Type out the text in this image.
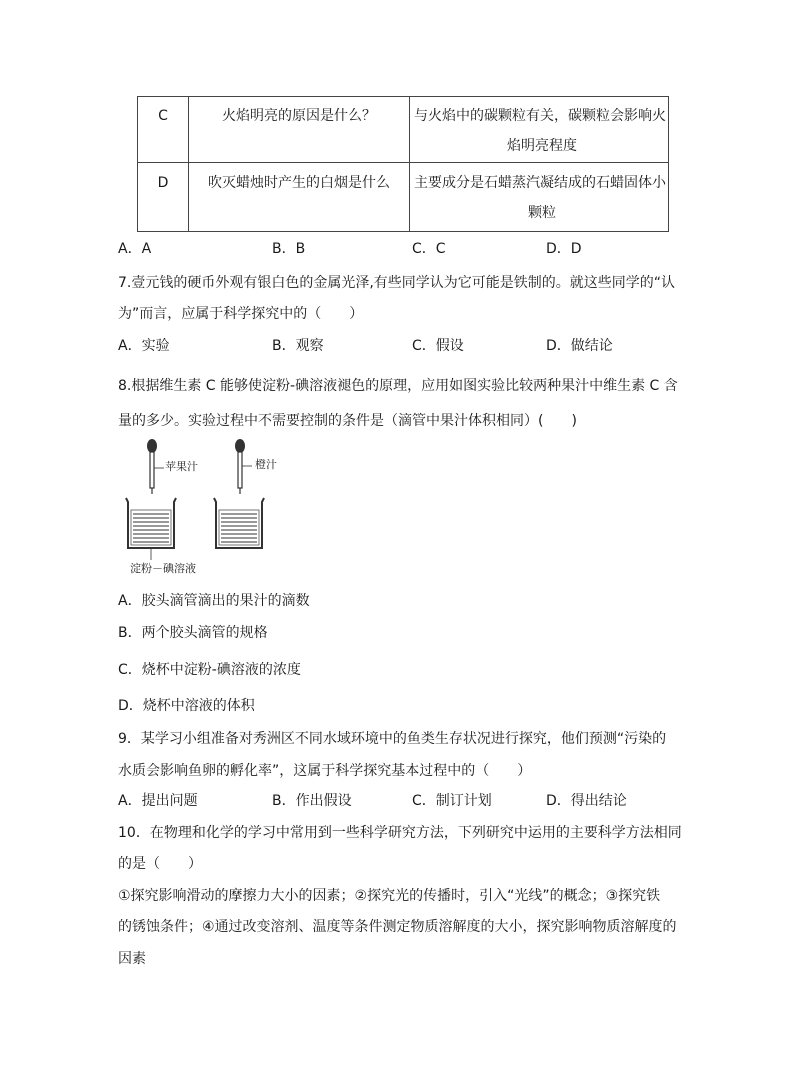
C	火焰明亮的原因是什么？	与火焰中的碳颗粒有关，碳颗粒会影响火
焰明亮程度
D	吹灭蜡烛时产生的白烟是什么	主要成分是石蜡蒸汽凝结成的石蜡固体小
颗粒
A．A	B．B	C．C	D．D
7.壹元钱的硬币外观有银白色的金属光泽,有些同学认为它可能是铁制的。就这些同学的“认
为”而言，应属于科学探究中的（　　）
A．实验	B．观察	C．假设	D．做结论
8.根据维生素 C 能够使淀粉-碘溶液褪色的原理，应用如图实验比较两种果汁中维生素 C 含
量的多少。实验过程中不需要控制的条件是（滴管中果汁体积相同）(　　)
苹果汁	橙汁
淀粉－碘溶液
A．胶头滴管滴出的果汁的滴数
B．两个胶头滴管的规格
C．烧杯中淀粉-碘溶液的浓度
D．烧杯中溶液的体积
9．某学习小组准备对秀洲区不同水域环境中的鱼类生存状况进行探究，他们预测“污染的
水质会影响鱼卵的孵化率”，这属于科学探究基本过程中的（　　）
A．提出问题	B．作出假设	C．制订计划	D．得出结论
10．在物理和化学的学习中常用到一些科学研究方法，下列研究中运用的主要科学方法相同
的是（　　）
①探究影响滑动的摩擦力大小的因素；②探究光的传播时，引入“光线”的概念；③探究铁
的锈蚀条件；④通过改变溶剂、温度等条件测定物质溶解度的大小，探究影响物质溶解度的
因素
